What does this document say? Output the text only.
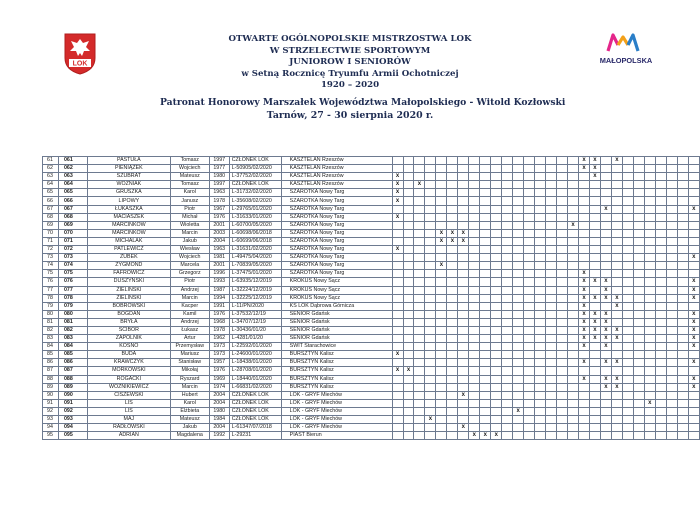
LOK	MAŁOPOLSKA
OTWARTE OGÓLNOPOLSKIE MISTRZOSTWA LOK
W STRZELECTWIE SPORTOWYM
JUNIOROW I SENIORÓW
w Setną Rocznicę Tryumfu Armii Ochotniczej
1920 – 2020
Patronat Honorowy Marszałek Województwa Małopolskiego - Witold Kozłowski
Tarnów, 27 - 30 sierpnia 2020 r.
61	061	PASTUŁA	Tomasz	1997	CZŁONEK LOK	KASZTELAN Rzeszów																		x	x		x							
62	062	PIENIĄŻEK	Wojciech	1977	L-50905/02/2020	KASZTELAN Rzeszów																		x	x									
63	063	SZUBRAT	Mateusz	1980	L-37752/02/2020	KASZTELAN Rzeszów	x																		x									
64	064	WOŹNIAK	Tomasz	1997	CZŁONEK LOK	KASZTELAN Rzeszów	x		x																									
65	065	GRUSZKA	Karol	1963	L-31732/02/2020	SZAROTKA Nowy Targ	x																											
66	066	LIPOWY	Janusz	1978	L-35608/02/2020	SZAROTKA Nowy Targ	x																											
67	067	ŁUKASZKA	Piotr	1967	L-29765/01/2020	SZAROTKA Nowy Targ																				x								x
68	068	MACIASZEK	Michał	1976	L-31633/01/2020	SZAROTKA Nowy Targ	x																											
69	069	MARCINKÓW	Wioletta	2001	L-60700/05/2020	SZAROTKA Nowy Targ																	x											
70	070	MARCINKÓW	Marcin	2003	L-60698/06/2018	SZAROTKA Nowy Targ					x	x	x																					
71	071	MICHALAK	Jakub	2004	L-60699/06/2018	SZAROTKA Nowy Targ					x	x	x																					
72	072	PATLEWICZ	Wiesław	1963	L-31631/02/2020	SZAROTKA Nowy Targ	x																											
73	073	ZUBEK	Wojciech	1981	L-49475/04/2020	SZAROTKA Nowy Targ																												x
74	074	ŻYGMOND	Marcela	2001	L-70839/05/2020	SZAROTKA Nowy Targ					x																							
75	075	FAFROWICZ	Grzegorz	1996	L-37475/01/2020	SZAROTKA Nowy Targ																		x										
76	076	DUSZYŃSKI	Piotr	1993	L-63935/12/2019	KROKUS Nowy Sącz																		x	x	x								x
77	077	ZIELIŃSKI	Andrzej	1987	L-32224/12/2019	KROKUS Nowy Sącz																		x		x								x
78	078	ZIELIŃSKI	Marcin	1994	L-32225/12/2019	KROKUS Nowy Sącz																		x	x	x	x							x
79	079	BOBROWSKI	Kacper	1991	L-11/PN/2020	KS LOK Dąbrowa Górnicza																		x			x							
80	080	BOGDAN	Kamil	1976	L-37532/12/19	SENIOR Gdańsk																		x	x	x								x
81	081	BRYŁA	Andrzej	1968	L-34707/12/19	SENIOR Gdańsk																		x	x	x								x
82	082	ŚCIBOR	Łukasz	1978	L-30436/01/20	SENIOR Gdańsk																		x	x	x	x							x
83	083	ZAPOLNIK	Artur	1962	L-4281/01/20	SENIOR Gdańsk																		x	x	x	x							x
84	084	KOSNO	Przemysław	1973	L-22592/01/2020	ŚWIT Starachowice																		x		x								x
85	085	BUDA	Mariusz	1973	L-24600/01/2020	BURSZTYN Kalisz	x																											
86	086	KRAWCZYK	Stanisław	1957	L-18438/01/2020	BURSZTYN Kalisz																		x		x	x							x
87	087	MORKOWSKI	Mikołaj	1976	L-28708/01/2020	BURSZTYN Kalisz	x	x																										
88	088	ROGACKI	Ryszard	1969	L-18440/01/2020	BURSZTYN Kalisz																		x		x	x							x
89	089	WOŹNIKIEWICZ	Marcin	1974	L-66831/02/2020	BURSZTYN Kalisz																				x	x							x
90	090	CISZEWSKI	Hubert	2004	CZŁONEK LOK	LOK - GRYF Miechów							x																					
91	091	LIS	Karol	2004	CZŁONEK LOK	LOK - GRYF Miechów																								x				
92	092	LIS	Elżbieta	1980	CZŁONEK LOK	LOK - GRYF Miechów												x																
93	093	MAJ	Mateusz	1984	CZŁONEK LOK	LOK - GRYF Miechów				x																								
94	094	RADŁOWSKI	Jakub	2004	L-61347/07/2018	LOK - GRYF Miechów							x																					
95	095	ADRIAN	Magdalena	1992	L-29231	PIAST Bierun								x	x	x																		
